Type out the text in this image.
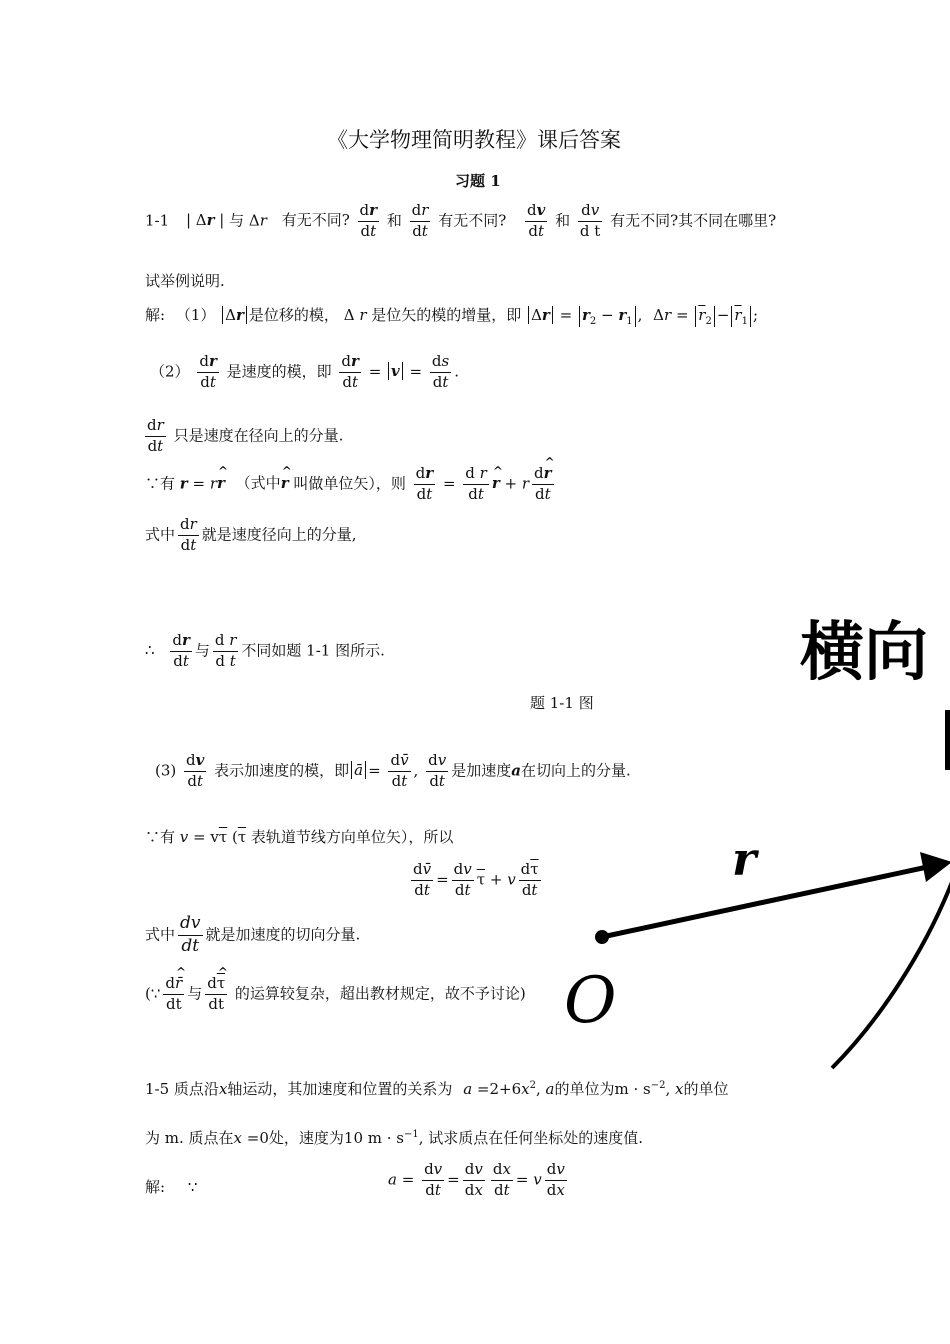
《大学物理简明教程》课后答案
习题 1
1-1 | Δr | 与 Δr 有无不同? $\frac{dr}{dt}$ 和 $\frac{dr}{dt}$ 有无不同? $\frac{dv}{dt}$ 和 $\frac{dv}{\text{d t}}$ 有无不同?其不同在哪里?
试举例说明.
解: （1） Δr 是位移的模， Δ r 是位矢的模的增量，即 $\Delta r = r_2 - r_1$ , $\Delta r = \overline{r}_2 - \overline{r}_1$ ;
$(2) \frac{dr}{dt}$ 是速度的模，即 $\frac{dr}{dt} = v = \frac{ds}{dt}$ .
$\frac{dr}{dt}$ 只是速度在径向上的分量.
∵有 r = rr ^ （式中r ^ 叫做单位矢），则 $\frac{dr}{dt} = \frac{\text{d r}}{dt}$ r ^ + r $\frac{dr \^{}}{dt}$
式中 $\frac{dr}{dt}$ 就是速度径向上的分量,
∴ $\frac{dr}{dt}$ 与 $\frac{\text{d r}}{\text{d t}}$ 不同如题 1-1 图所示.
题 1-1 图
$(3) \frac{dv}{dt}$ 表示加速度的模，即 ā = $\frac{dv̄}{dt}$ , $\frac{dv}{dt}$ 是加速度a在切向上的分量.
∵有 $v = v\overline{\tau}$ ($\overline{\tau}$ 表轨道节线方向单位矢），所以
$\frac{dv̄}{dt} = \frac{dv}{dt} \overline{\tau} + v \frac{d\overline{\tau}}{dt}$
式中 $\frac{dv}{dt}$ 就是加速度的切向分量.
(∵ $\frac{dr̄ \^{}}{dt}$ 与 $\frac{d\overline{\tau} \^{}}{dt}$ 的运算较复杂，超出教材规定，故不予讨论)
横向
r
O
1-5 质点沿x轴运动，其加速度和位置的关系为 $a =2+6x^2$, a的单位为$m \cdot s^{-2}$, x的单位
为 m. 质点在x =0处，速度为10 $m \cdot s^{-1}$, 试求质点在任何坐标处的速度值.
解: ∵	$a = \frac{dv}{dt} = \frac{dv}{dx} \frac{dx}{dt} = v \frac{dv}{dx}$
